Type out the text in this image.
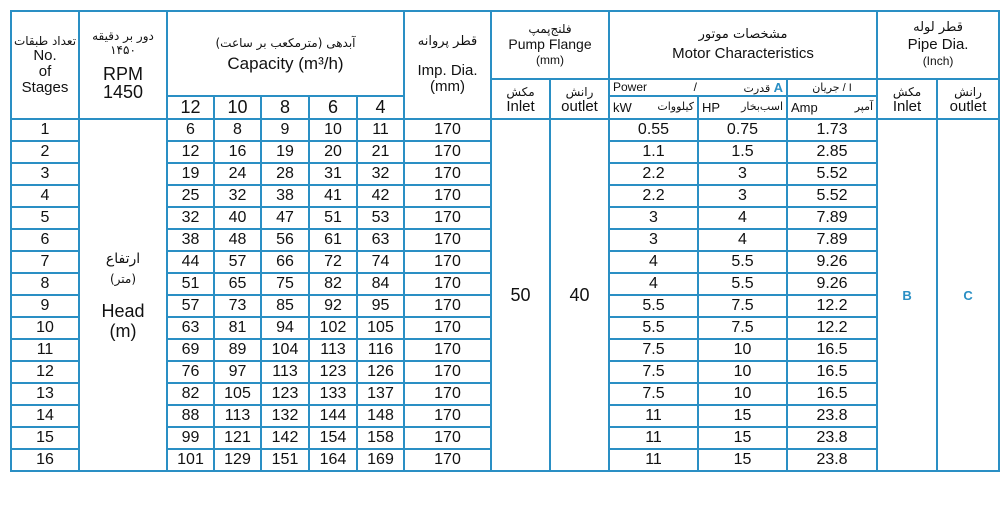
تعداد طبقات
No.
of
Stages	دور بر دقیقه
۱۴۵۰
RPM
1450	آبدهی (مترمکعب بر ساعت)
Capacity (m³/h)					قطر پروانه
Imp. Dia.
(mm)	فلنج‌پمپ
Pump Flange
(mm)		مشخصات موتور
Motor Characteristics			قطر لوله
Pipe Dia.
(Inch)	

								مکش
Inlet	رانش
outlet	Power / قدرت A		جریان / I	مکش
Inlet	رانش
outlet

		12	10	8	6	4				kW کیلووات	HP اسب‌بخار	Amp آمپر		

1	ارتفاع
(متر)
Head
(m)	6	8	9	10	11	170	50	40	0.55	0.75	1.73	B	C
2		12	16	19	20	21	170			1.1	1.5	2.85		
3		19	24	28	31	32	170			2.2	3	5.52		
4		25	32	38	41	42	170			2.2	3	5.52		
5		32	40	47	51	53	170			3	4	7.89		
6		38	48	56	61	63	170			3	4	7.89		
7		44	57	66	72	74	170			4	5.5	9.26		
8		51	65	75	82	84	170			4	5.5	9.26		
9		57	73	85	92	95	170			5.5	7.5	12.2		
10		63	81	94	102	105	170			5.5	7.5	12.2		
11		69	89	104	113	116	170			7.5	10	16.5		
12		76	97	113	123	126	170			7.5	10	16.5		
13		82	105	123	133	137	170			7.5	10	16.5		
14		88	113	132	144	148	170			11	15	23.8		
15		99	121	142	154	158	170			11	15	23.8		
16		101	129	151	164	169	170			11	15	23.8		
